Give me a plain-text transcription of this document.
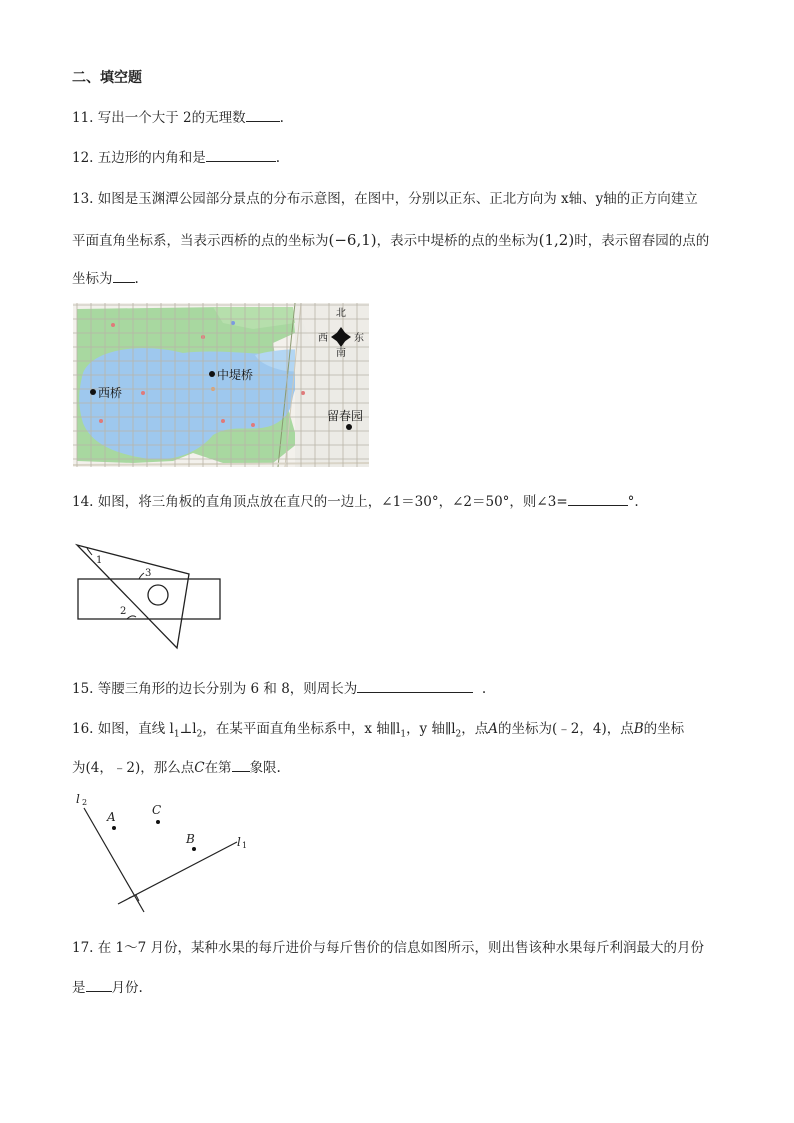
二、填空题
11. 写出一个大于 2的无理数	.
12. 五边形的内角和是	.
13. 如图是玉渊潭公园部分景点的分布示意图，在图中，分别以正东、正北方向为 x轴、y轴的正方向建立
平面直角坐标系，当表示西桥的点的坐标为(−6,1)，表示中堤桥的点的坐标为(1,2)时，表示留春园的点的
坐标为 .
北
南
西	东
西桥
中堤桥
留春园
14. 如图，将三角板的直角顶点放在直尺的一边上，∠1＝30°，∠2＝50°，则∠3=	°.
1
3
2
15. 等腰三角形的边长分别为 6 和 8，则周长为	.
16. 如图，直线 $l_1\perp l_2$，在某平面直角坐标系中，x 轴$\parallel l_1$，y 轴$\parallel l_2$，点A的坐标为(﹣2，4)，点B的坐标
为(4，﹣2)，那么点C在第 象限.
l 2
l 1
A	C
B
17. 在 1～7 月份，某种水果的每斤进价与每斤售价的信息如图所示，则出售该种水果每斤利润最大的月份
是 月份.
